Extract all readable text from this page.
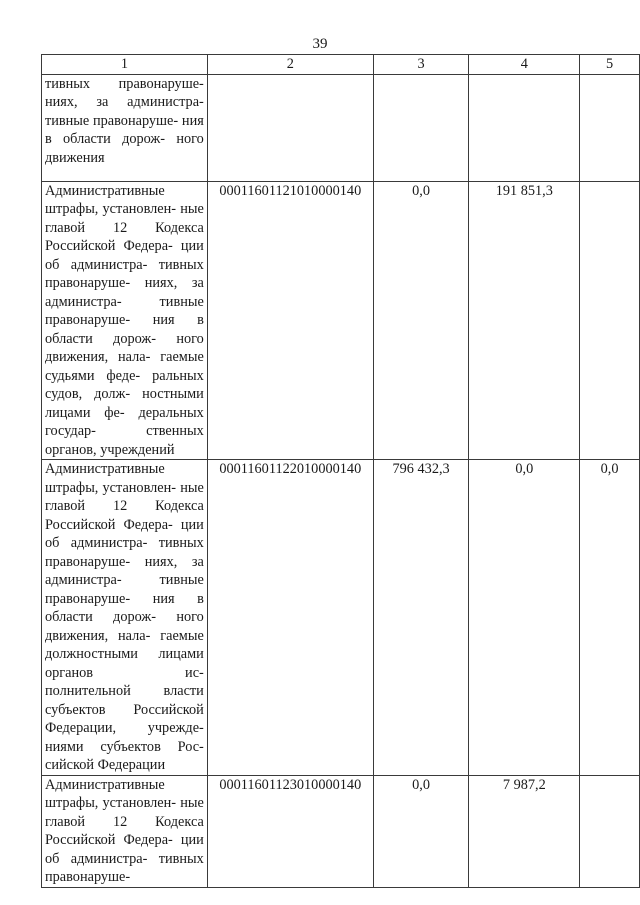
39
1	2	3	4	5
тивных правонаруше- ниях, за администра- тивные правонаруше- ния в области дорож- ного движения				
Административные штрафы, установлен- ные главой 12 Кодекса Российской Федера- ции об администра- тивных правонаруше- ниях, за администра- тивные правонаруше- ния в области дорож- ного движения, нала- гаемые судьями феде- ральных судов, долж- ностными лицами фе- деральных государ- ственных органов, учреждений	00011601121010000140	0,0	191 851,3	
Административные штрафы, установлен- ные главой 12 Кодекса Российской Федера- ции об администра- тивных правонаруше- ниях, за администра- тивные правонаруше- ния в области дорож- ного движения, нала- гаемые должностными лицами органов ис- полнительной власти субъектов Российской Федерации, учрежде- ниями субъектов Рос- сийской Федерации	00011601122010000140	796 432,3	0,0	0,0
Административные штрафы, установлен- ные главой 12 Кодекса Российской Федера- ции об администра- тивных правонаруше-	00011601123010000140	0,0	7 987,2	
